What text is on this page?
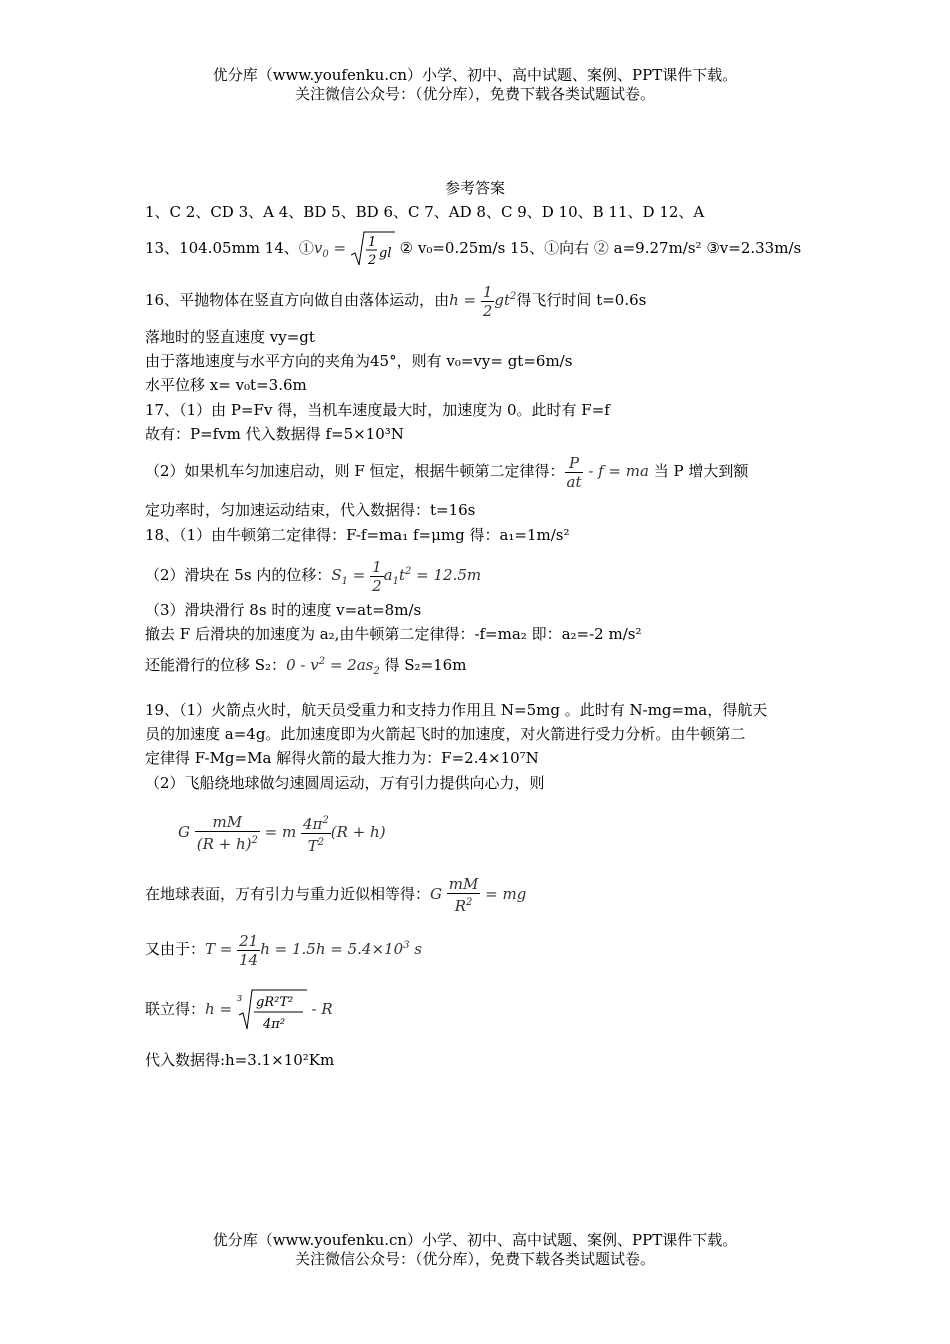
优分库（www.youfenku.cn）小学、初中、高中试题、案例、PPT课件下载。
关注微信公众号：（优分库），免费下载各类试题试卷。
参考答案
1、C 2、CD 3、A 4、BD 5、BD 6、C 7、AD 8、C 9、D 10、B 11、D 12、A
13、104.05mm 14、$①v_0 = 1$
2 gl ② v₀=0.25m/s 15、①向右 ② a=9.27m/s² ③v=2.33m/s
16、平抛物体在竖直方向做自由落体运动，由$h = \frac{1}{2} gt^2$得飞行时间 t=0.6s
落地时的竖直速度 vy=gt
由于落地速度与水平方向的夹角为45°，则有 v₀=vy= gt=6m/s
水平位移 x= v₀t=3.6m
17、（1）由 P=Fv 得，当机车速度最大时，加速度为 0。此时有 F=f
故有：P=fvm 代入数据得 f=5×10³N
（2）如果机车匀加速启动，则 F 恒定，根据牛顿第二定律得： $\frac{P}{at}$ - f = ma 当 P 增大到额
定功率时，匀加速运动结束，代入数据得：t=16s
18、（1）由牛顿第二定律得：F-f=ma₁ f=μmg 得：a₁=1m/s²
（2）滑块在 5s 内的位移：$S_1 = \frac{1}{2} a_1t^2 = 12.5m$
（3）滑块滑行 8s 时的速度 v=at=8m/s
撤去 F 后滑块的加速度为 a₂,由牛顿第二定律得：-f=ma₂ 即：a₂=-2 m/s²
还能滑行的位移 S₂：$0 - v^2 = 2as_2$ 得 S₂=16m
19、（1）火箭点火时，航天员受重力和支持力作用且 N=5mg 。此时有 N-mg=ma，得航天
员的加速度 a=4g。此加速度即为火箭起飞时的加速度，对火箭进行受力分析。由牛顿第二
定律得 F-Mg=Ma 解得火箭的最大推力为：F=2.4×10⁷N
（2）飞船绕地球做匀速圆周运动，万有引力提供向心力，则
G $\frac{mM}{(R + h)^2} = m \frac{4\pi^2}{T^2} (R + h)$
在地球表面，万有引力与重力近似相等得：G $\frac{mM}{R^2}$ = mg
又由于：$T = \frac{21}{14}$ $h = 1.5h = 5.4\times 10^3$ s
联立得：h =
3 gR²T²
4π²
- R
代入数据得:h=3.1×10²Km
优分库（www.youfenku.cn）小学、初中、高中试题、案例、PPT课件下载。
关注微信公众号：（优分库），免费下载各类试题试卷。
